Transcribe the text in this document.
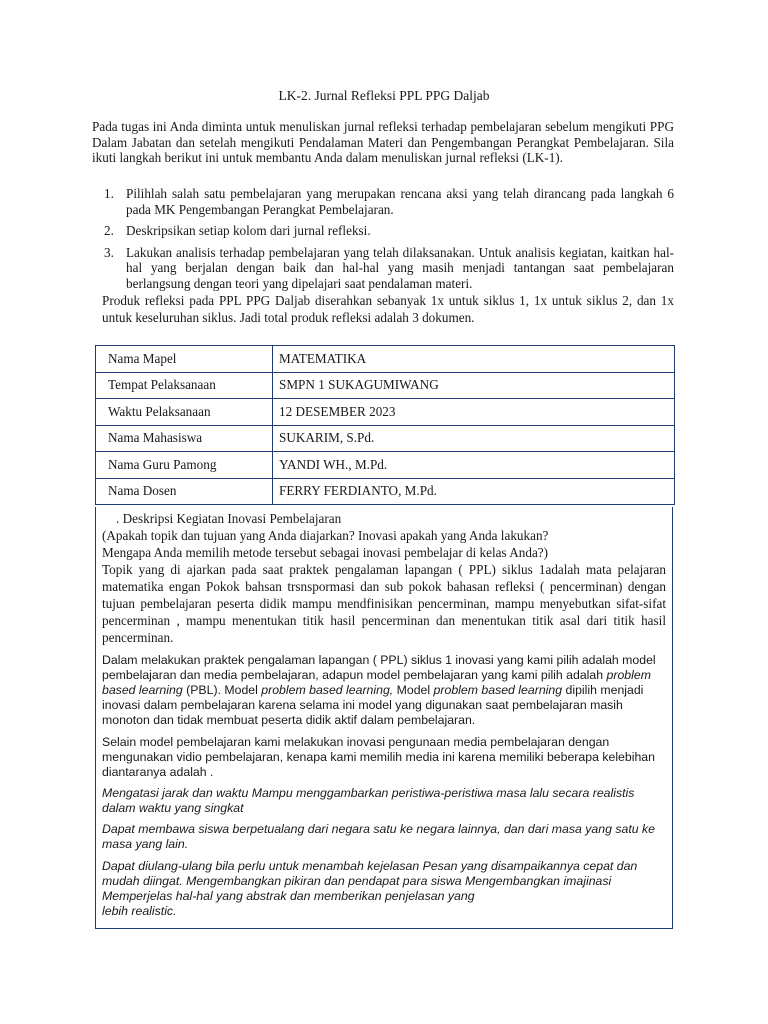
LK-2. Jurnal Refleksi PPL PPG Daljab
Pada tugas ini Anda diminta untuk menuliskan jurnal refleksi terhadap pembelajaran sebelum mengikuti PPG Dalam Jabatan dan setelah mengikuti Pendalaman Materi dan Pengembangan Perangkat Pembelajaran. Sila ikuti langkah berikut ini untuk membantu Anda dalam menuliskan jurnal refleksi (LK-1).
1. Pilihlah salah satu pembelajaran yang merupakan rencana aksi yang telah dirancang pada langkah 6 pada MK Pengembangan Perangkat Pembelajaran.
2. Deskripsikan setiap kolom dari jurnal refleksi.
3. Lakukan analisis terhadap pembelajaran yang telah dilaksanakan. Untuk analisis kegiatan, kaitkan hal-hal yang berjalan dengan baik dan hal-hal yang masih menjadi tantangan saat pembelajaran berlangsung dengan teori yang dipelajari saat pendalaman materi.
Produk refleksi pada PPL PPG Daljab diserahkan sebanyak 1x untuk siklus 1, 1x untuk siklus 2, dan 1x untuk keseluruhan siklus. Jadi total produk refleksi adalah 3 dokumen.
Nama Mapel	MATEMATIKA
Tempat Pelaksanaan	SMPN 1 SUKAGUMIWANG
Waktu Pelaksanaan	12 DESEMBER 2023
Nama Mahasiswa	SUKARIM, S.Pd.
Nama Guru Pamong	YANDI WH., M.Pd.
Nama Dosen	FERRY FERDIANTO, M.Pd.

. Deskripsi Kegiatan Inovasi Pembelajaran

(Apakah topik dan tujuan yang Anda diajarkan? Inovasi apakah yang Anda lakukan?

Mengapa Anda memilih metode tersebut sebagai inovasi pembelajar di kelas Anda?)

Topik yang di ajarkan pada saat praktek pengalaman lapangan ( PPL) siklus 1adalah mata pelajaran matematika engan Pokok bahsan trsnspormasi dan sub pokok bahasan refleksi ( pencerminan) dengan tujuan pembelajaran peserta didik mampu mendfinisikan pencerminan, mampu menyebutkan sifat-sifat pencerminan , mampu menentukan titik hasil pencerminan dan menentukan titik asal dari titik hasil pencerminan.

Dalam melakukan praktek pengalaman lapangan ( PPL) siklus 1 inovasi yang kami pilih adalah model pembelajaran dan media pembelajaran, adapun model pembelajaran yang kami pilih adalah problem based learning (PBL). Model problem based learning, Model problem based learning dipilih menjadi inovasi dalam pembelajaran karena selama ini model yang digunakan saat pembelajaran masih monoton dan tidak membuat peserta didik aktif dalam pembelajaran.

Selain model pembelajaran kami melakukan inovasi pengunaan media pembelajaran dengan mengunakan vidio pembelajaran, kenapa kami memilih media ini karena memiliki beberapa kelebihan diantaranya adalah .

Mengatasi jarak dan waktu Mampu menggambarkan peristiwa-peristiwa masa lalu secara realistis dalam waktu yang singkat

Dapat membawa siswa berpetualang dari negara satu ke negara lainnya, dan dari masa yang satu ke masa yang lain.

Dapat diulang-ulang bila perlu untuk menambah kejelasan Pesan yang disampaikannya cepat dan mudah diingat. Mengembangkan pikiran dan pendapat para siswa Mengembangkan imajinasi Memperjelas hal-hal yang abstrak dan memberikan penjelasan yang

lebih realistic.
